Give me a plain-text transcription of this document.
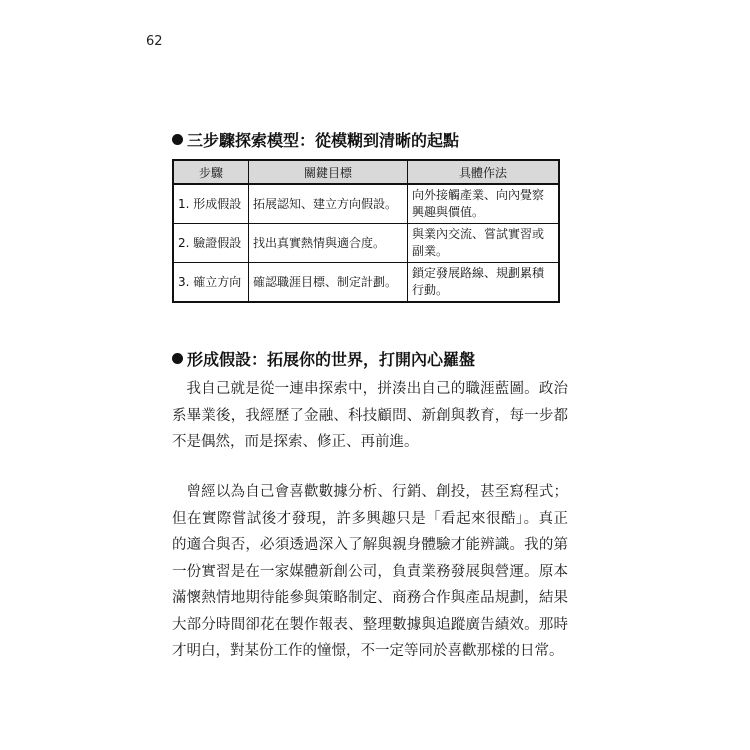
62
三步驟探索模型：從模糊到清晰的起點
步驟	關鍵目標	具體作法
1. 形成假設	拓展認知、建立方向假設。	向外接觸產業、向內覺察興趣與價值。
2. 驗證假設	找出真實熱情與適合度。	與業內交流、嘗試實習或副業。
3. 確立方向	確認職涯目標、制定計劃。	鎖定發展路線、規劃累積行動。
形成假設：拓展你的世界，打開內心羅盤

我自己就是從一連串探索中，拼湊出自己的職涯藍圖。政治系畢業後，我經歷了金融、科技顧問、新創與教育，每一步都不是偶然，而是探索、修正、再前進。

曾經以為自己會喜歡數據分析、行銷、創投，甚至寫程式；但在實際嘗試後才發現，許多興趣只是「看起來很酷」。真正的適合與否，必須透過深入了解與親身體驗才能辨識。我的第一份實習是在一家媒體新創公司，負責業務發展與營運。原本滿懷熱情地期待能參與策略制定、商務合作與產品規劃，結果大部分時間卻花在製作報表、整理數據與追蹤廣告績效。那時才明白，對某份工作的憧憬，不一定等同於喜歡那樣的日常。
